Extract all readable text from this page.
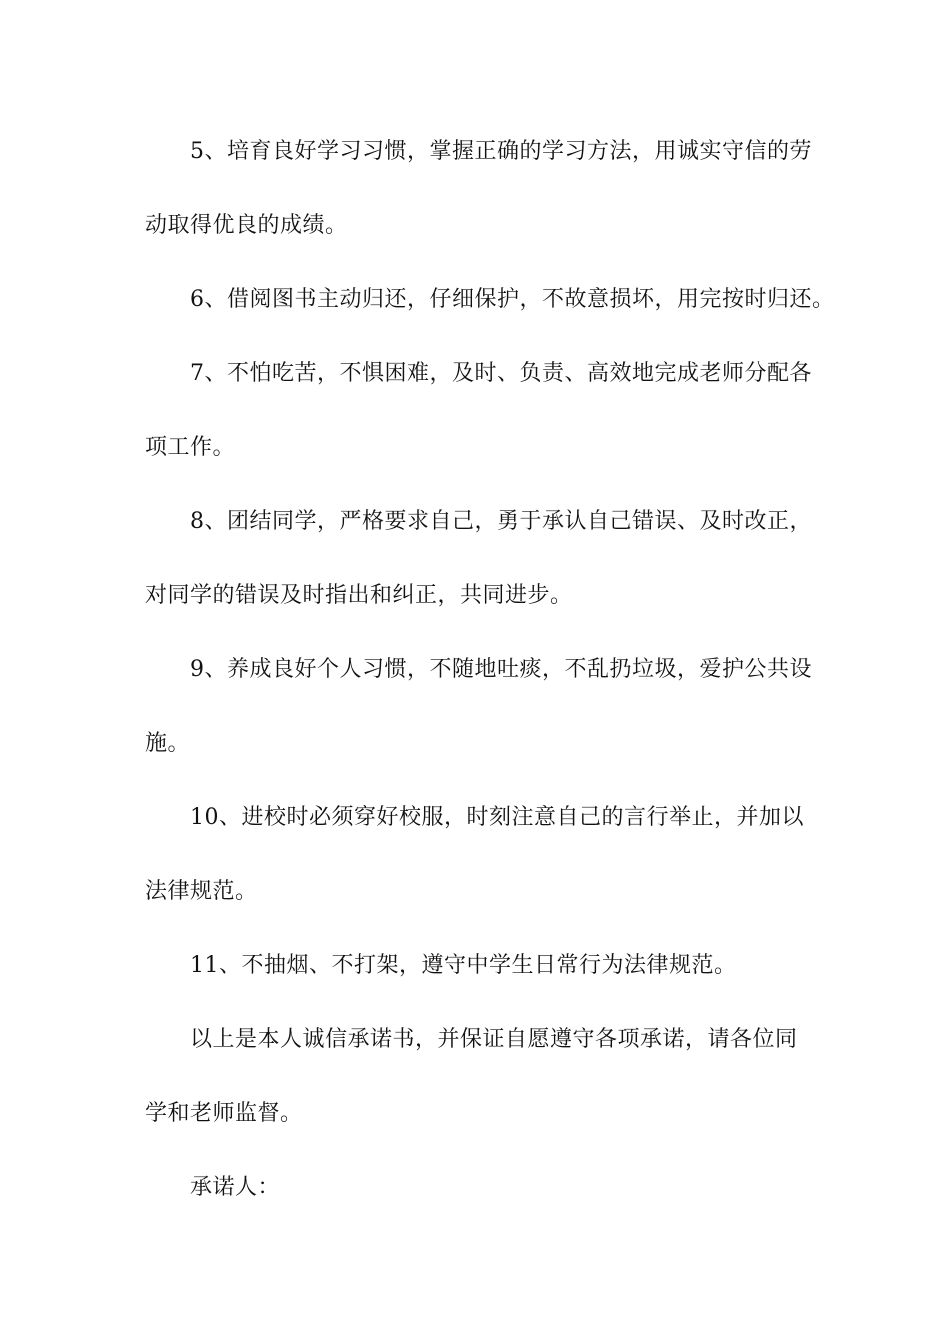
5、培育良好学习习惯，掌握正确的学习方法，用诚实守信的劳
动取得优良的成绩。
6、借阅图书主动归还，仔细保护，不故意损坏，用完按时归还。
7、不怕吃苦，不惧困难，及时、负责、高效地完成老师分配各
项工作。
8、团结同学，严格要求自己，勇于承认自己错误、及时改正，
对同学的错误及时指出和纠正，共同进步。
9、养成良好个人习惯，不随地吐痰，不乱扔垃圾，爱护公共设
施。
10、进校时必须穿好校服，时刻注意自己的言行举止，并加以
法律规范。
11、不抽烟、不打架，遵守中学生日常行为法律规范。
以上是本人诚信承诺书，并保证自愿遵守各项承诺，请各位同
学和老师监督。
承诺人：
